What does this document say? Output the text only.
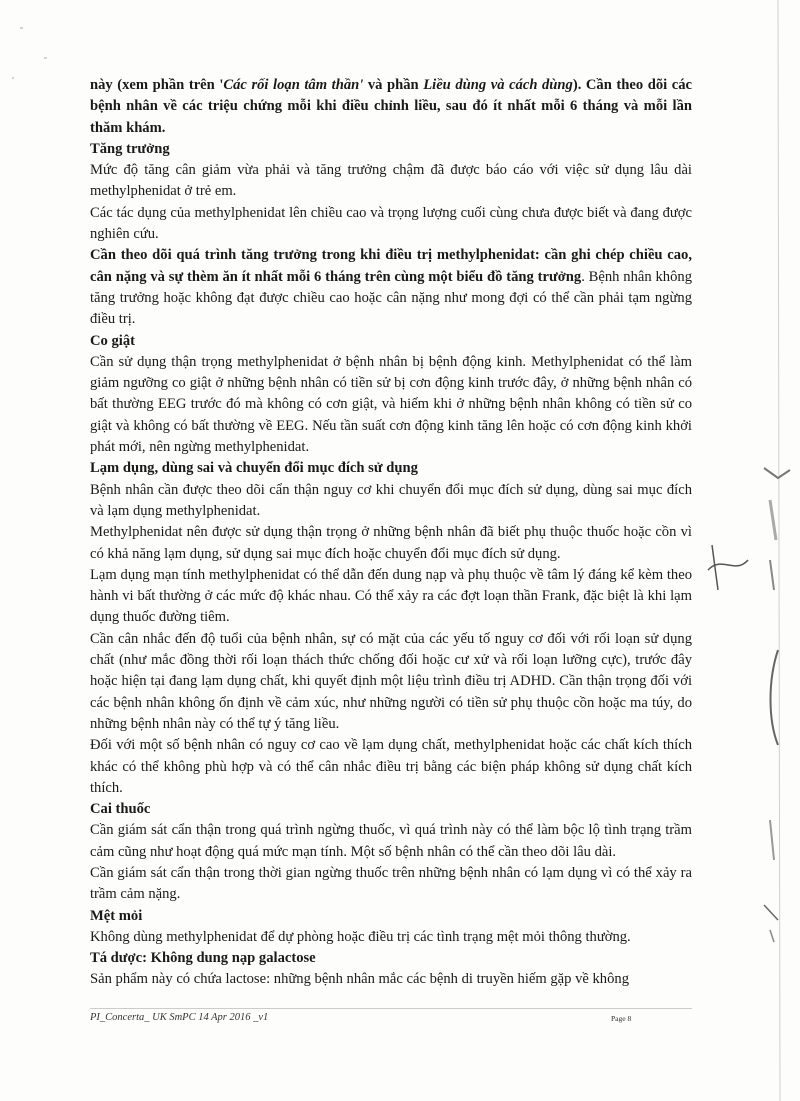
này (xem phần trên 'Các rối loạn tâm thần' và phần Liều dùng và cách dùng). Cần theo dõi các bệnh nhân về các triệu chứng mỗi khi điều chỉnh liều, sau đó ít nhất mỗi 6 tháng và mỗi lần thăm khám.

Tăng trưởng

Mức độ tăng cân giảm vừa phải và tăng trưởng chậm đã được báo cáo với việc sử dụng lâu dài methylphenidat ở trẻ em.

Các tác dụng của methylphenidat lên chiều cao và trọng lượng cuối cùng chưa được biết và đang được nghiên cứu.

Cần theo dõi quá trình tăng trưởng trong khi điều trị methylphenidat: cần ghi chép chiều cao, cân nặng và sự thèm ăn ít nhất mỗi 6 tháng trên cùng một biểu đồ tăng trưởng. Bệnh nhân không tăng trưởng hoặc không đạt được chiều cao hoặc cân nặng như mong đợi có thể cần phải tạm ngừng điều trị.

Co giật

Cần sử dụng thận trọng methylphenidat ở bệnh nhân bị bệnh động kinh. Methylphenidat có thể làm giảm ngưỡng co giật ở những bệnh nhân có tiền sử bị cơn động kinh trước đây, ở những bệnh nhân có bất thường EEG trước đó mà không có cơn giật, và hiếm khi ở những bệnh nhân không có tiền sử co giật và không có bất thường về EEG. Nếu tần suất cơn động kinh tăng lên hoặc có cơn động kinh khởi phát mới, nên ngừng methylphenidat.

Lạm dụng, dùng sai và chuyển đổi mục đích sử dụng

Bệnh nhân cần được theo dõi cẩn thận nguy cơ khi chuyển đổi mục đích sử dụng, dùng sai mục đích và lạm dụng methylphenidat.

Methylphenidat nên được sử dụng thận trọng ở những bệnh nhân đã biết phụ thuộc thuốc hoặc cồn vì có khả năng lạm dụng, sử dụng sai mục đích hoặc chuyển đổi mục đích sử dụng.

Lạm dụng mạn tính methylphenidat có thể dẫn đến dung nạp và phụ thuộc về tâm lý đáng kể kèm theo hành vi bất thường ở các mức độ khác nhau. Có thể xảy ra các đợt loạn thần Frank, đặc biệt là khi lạm dụng thuốc đường tiêm.

Cần cân nhắc đến độ tuổi của bệnh nhân, sự có mặt của các yếu tố nguy cơ đối với rối loạn sử dụng chất (như mắc đồng thời rối loạn thách thức chống đối hoặc cư xử và rối loạn lưỡng cực), trước đây hoặc hiện tại đang lạm dụng chất, khi quyết định một liệu trình điều trị ADHD. Cần thận trọng đối với các bệnh nhân không ổn định về cảm xúc, như những người có tiền sử phụ thuộc cồn hoặc ma túy, do những bệnh nhân này có thể tự ý tăng liều.

Đối với một số bệnh nhân có nguy cơ cao về lạm dụng chất, methylphenidat hoặc các chất kích thích khác có thể không phù hợp và có thể cân nhắc điều trị bằng các biện pháp không sử dụng chất kích thích.

Cai thuốc

Cần giám sát cẩn thận trong quá trình ngừng thuốc, vì quá trình này có thể làm bộc lộ tình trạng trầm cảm cũng như hoạt động quá mức mạn tính. Một số bệnh nhân có thể cần theo dõi lâu dài.

Cần giám sát cẩn thận trong thời gian ngừng thuốc trên những bệnh nhân có lạm dụng vì có thể xảy ra trầm cảm nặng.

Mệt mỏi

Không dùng methylphenidat để dự phòng hoặc điều trị các tình trạng mệt mỏi thông thường.

Tá dược: Không dung nạp galactose

Sản phẩm này có chứa lactose: những bệnh nhân mắc các bệnh di truyền hiếm gặp về không

PI_Concerta_ UK SmPC 14 Apr 2016 _v1	Page 8
